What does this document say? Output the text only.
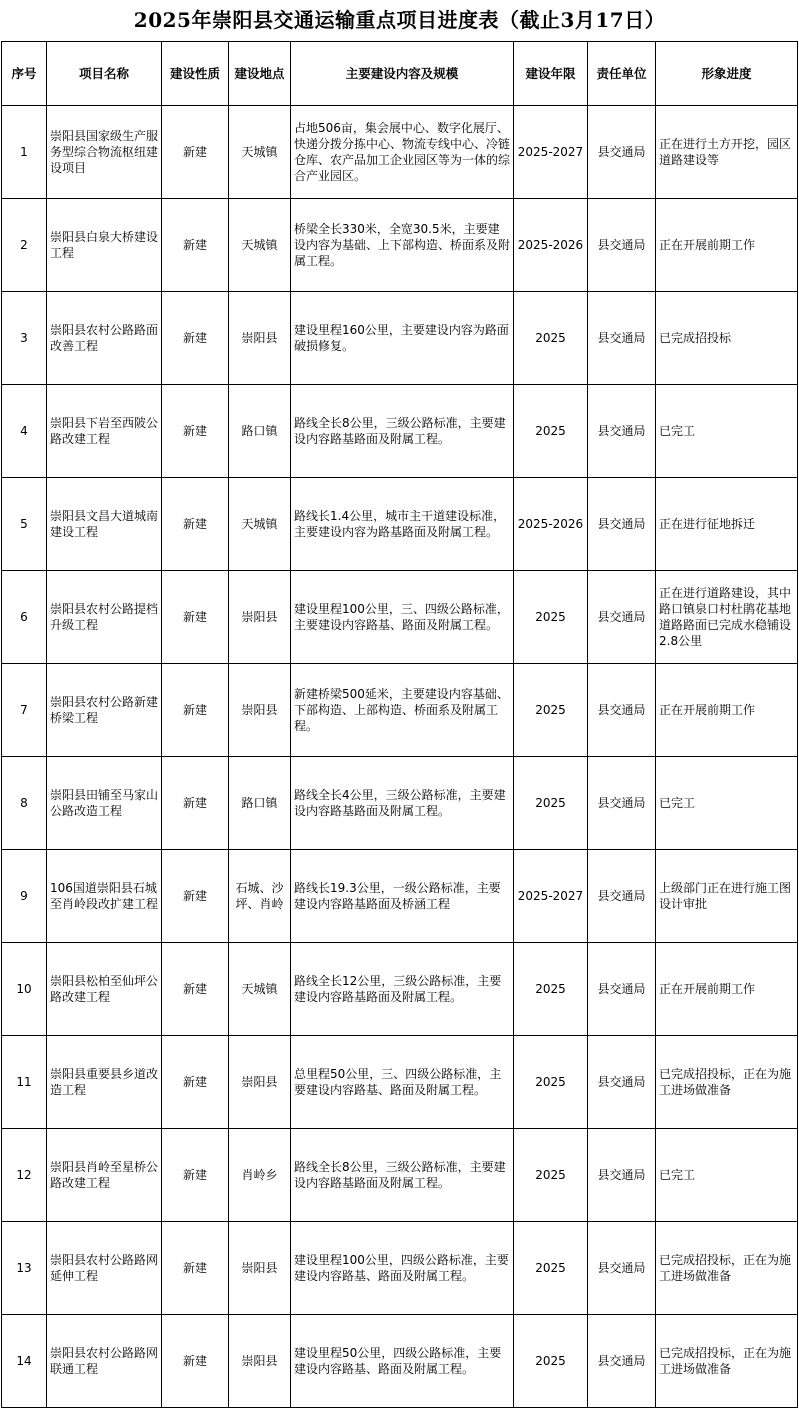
2025年崇阳县交通运输重点项目进度表（截止3月17日）
序号	项目名称	建设性质	建设地点	主要建设内容及规模	建设年限	责任单位	形象进度
1	崇阳县国家级生产服务型综合物流枢纽建设项目	新建	天城镇	占地506亩，集会展中心、数字化展厅、快递分拨分拣中心、物流专线中心、冷链仓库、农产品加工企业园区等为一体的综合产业园区。	2025-2027	县交通局	正在进行土方开挖，园区道路建设等
2	崇阳县白泉大桥建设工程	新建	天城镇	桥梁全长330米，全宽30.5米，主要建设内容为基础、上下部构造、桥面系及附属工程。	2025-2026	县交通局	正在开展前期工作
3	崇阳县农村公路路面改善工程	新建	崇阳县	建设里程160公里，主要建设内容为路面破损修复。	2025	县交通局	已完成招投标
4	崇阳县下岩至西陂公路改建工程	新建	路口镇	路线全长8公里，三级公路标准，主要建设内容路基路面及附属工程。	2025	县交通局	已完工
5	崇阳县文昌大道城南建设工程	新建	天城镇	路线长1.4公里，城市主干道建设标准，主要建设内容为路基路面及附属工程。	2025-2026	县交通局	正在进行征地拆迁
6	崇阳县农村公路提档升级工程	新建	崇阳县	建设里程100公里，三、四级公路标准，主要建设内容路基、路面及附属工程。	2025	县交通局	正在进行道路建设，其中路口镇泉口村杜鹃花基地道路路面已完成水稳铺设2.8公里
7	崇阳县农村公路新建桥梁工程	新建	崇阳县	新建桥梁500延米，主要建设内容基础、下部构造、上部构造、桥面系及附属工程。	2025	县交通局	正在开展前期工作
8	崇阳县田铺至马家山公路改造工程	新建	路口镇	路线全长4公里，三级公路标准，主要建设内容路基路面及附属工程。	2025	县交通局	已完工
9	106国道崇阳县石城至肖岭段改扩建工程	新建	石城、沙坪、肖岭	路线长19.3公里，一级公路标准，主要建设内容路基路面及桥涵工程	2025-2027	县交通局	上级部门正在进行施工图设计审批
10	崇阳县松柏至仙坪公路改建工程	新建	天城镇	路线全长12公里，三级公路标准，主要建设内容路基路面及附属工程。	2025	县交通局	正在开展前期工作
11	崇阳县重要县乡道改造工程	新建	崇阳县	总里程50公里，三、四级公路标准，主要建设内容路基、路面及附属工程。	2025	县交通局	已完成招投标，正在为施工进场做准备
12	崇阳县肖岭至星桥公路改建工程	新建	肖岭乡	路线全长8公里，三级公路标准，主要建设内容路基路面及附属工程。	2025	县交通局	已完工
13	崇阳县农村公路路网延伸工程	新建	崇阳县	建设里程100公里，四级公路标准，主要建设内容路基、路面及附属工程。	2025	县交通局	已完成招投标，正在为施工进场做准备
14	崇阳县农村公路路网联通工程	新建	崇阳县	建设里程50公里，四级公路标准，主要建设内容路基、路面及附属工程。	2025	县交通局	已完成招投标，正在为施工进场做准备
